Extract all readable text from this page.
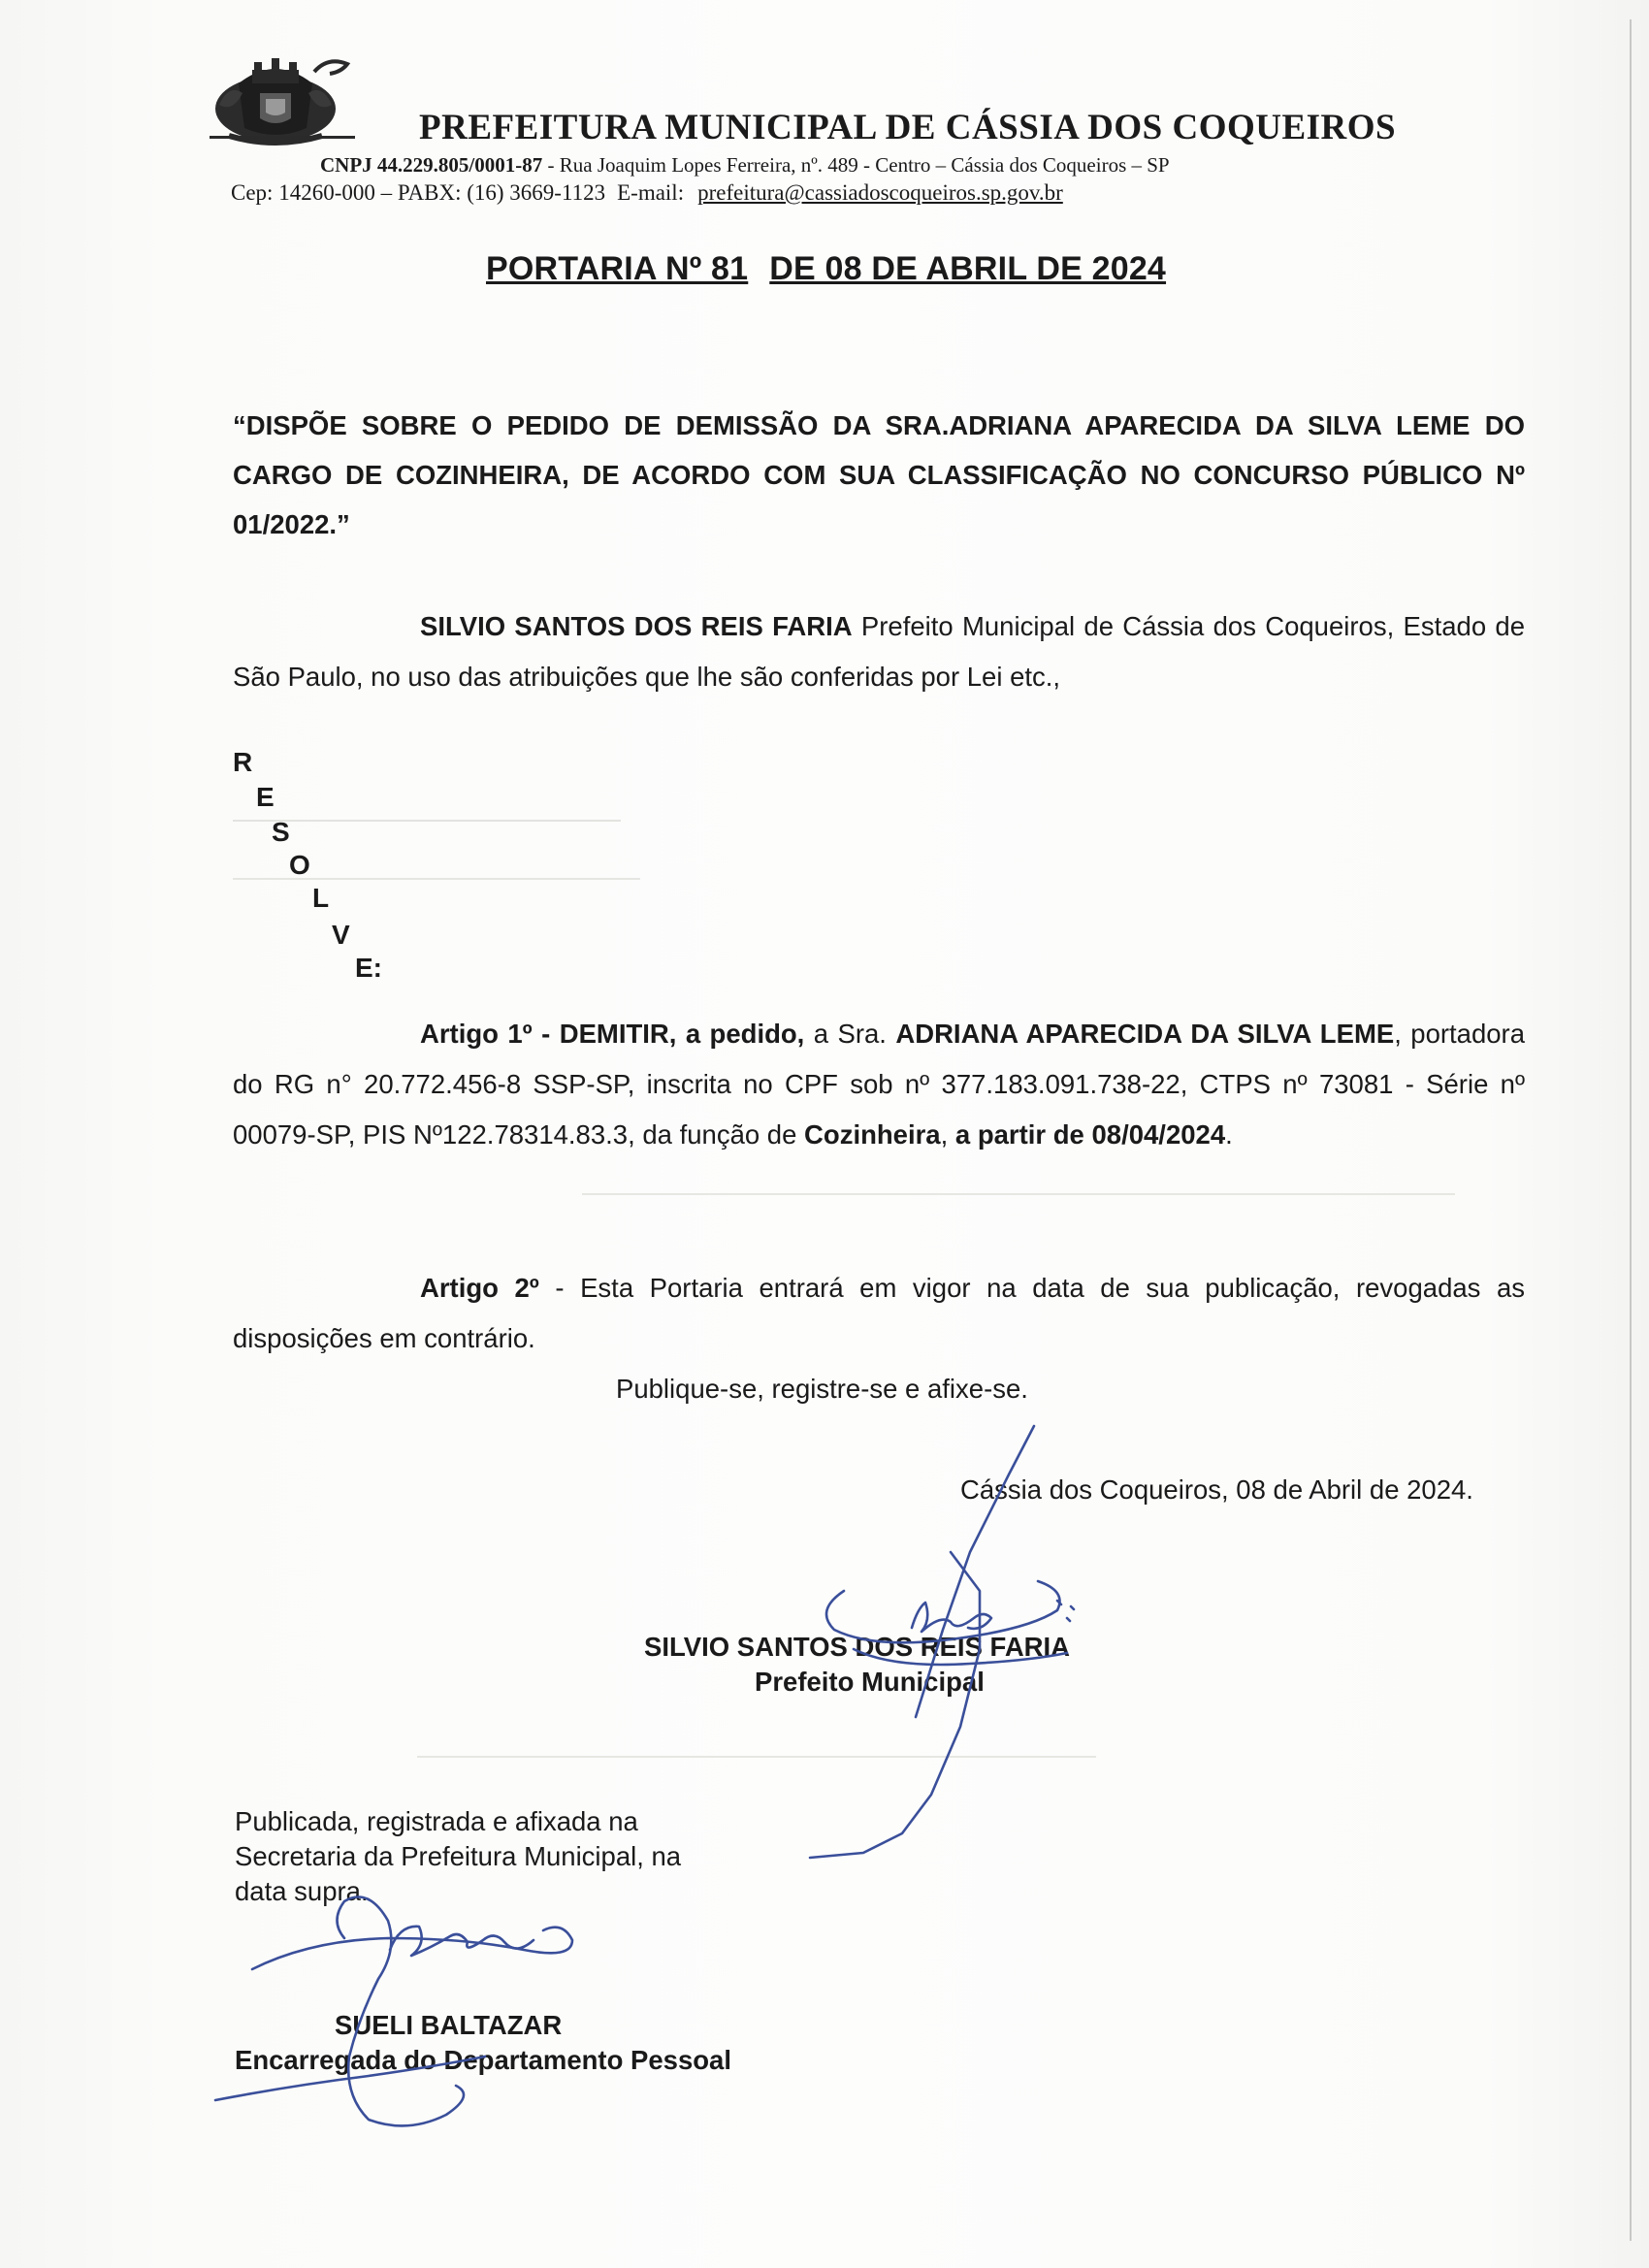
PREFEITURA MUNICIPAL DE CÁSSIA DOS COQUEIROS
CNPJ 44.229.805/0001-87 - Rua Joaquim Lopes Ferreira, nº. 489 - Centro – Cássia dos Coqueiros – SP
Cep: 14260-000 – PABX: (16) 3669-1123 E-mail: prefeitura@cassiadoscoqueiros.sp.gov.br
PORTARIA Nº 81 DE 08 DE ABRIL DE 2024
“DISPÕE SOBRE O PEDIDO DE DEMISSÃO DA SRA.ADRIANA APARECIDA DA SILVA LEME DO CARGO DE COZINHEIRA, DE ACORDO COM SUA CLASSIFICAÇÃO NO CONCURSO PÚBLICO Nº 01/2022.”
SILVIO SANTOS DOS REIS FARIA Prefeito Municipal de Cássia dos Coqueiros, Estado de São Paulo, no uso das atribuições que lhe são conferidas por Lei etc.,
R
E
S
O
L
V
E:
Artigo 1º - DEMITIR, a pedido, a Sra. ADRIANA APARECIDA DA SILVA LEME, portadora do RG n° 20.772.456-8 SSP-SP, inscrita no CPF sob nº 377.183.091.738-22, CTPS nº 73081 - Série nº 00079-SP, PIS Nº122.78314.83.3, da função de Cozinheira, a partir de 08/04/2024.
Artigo 2º - Esta Portaria entrará em vigor na data de sua publicação, revogadas as disposições em contrário.
Publique-se, registre-se e afixe-se.
Cássia dos Coqueiros, 08 de Abril de 2024.
SILVIO SANTOS DOS REIS FARIA
Prefeito Municipal
Publicada, registrada e afixada na Secretaria da Prefeitura Municipal, na data supra.
SUELI BALTAZAR
Encarregada do Departamento Pessoal
